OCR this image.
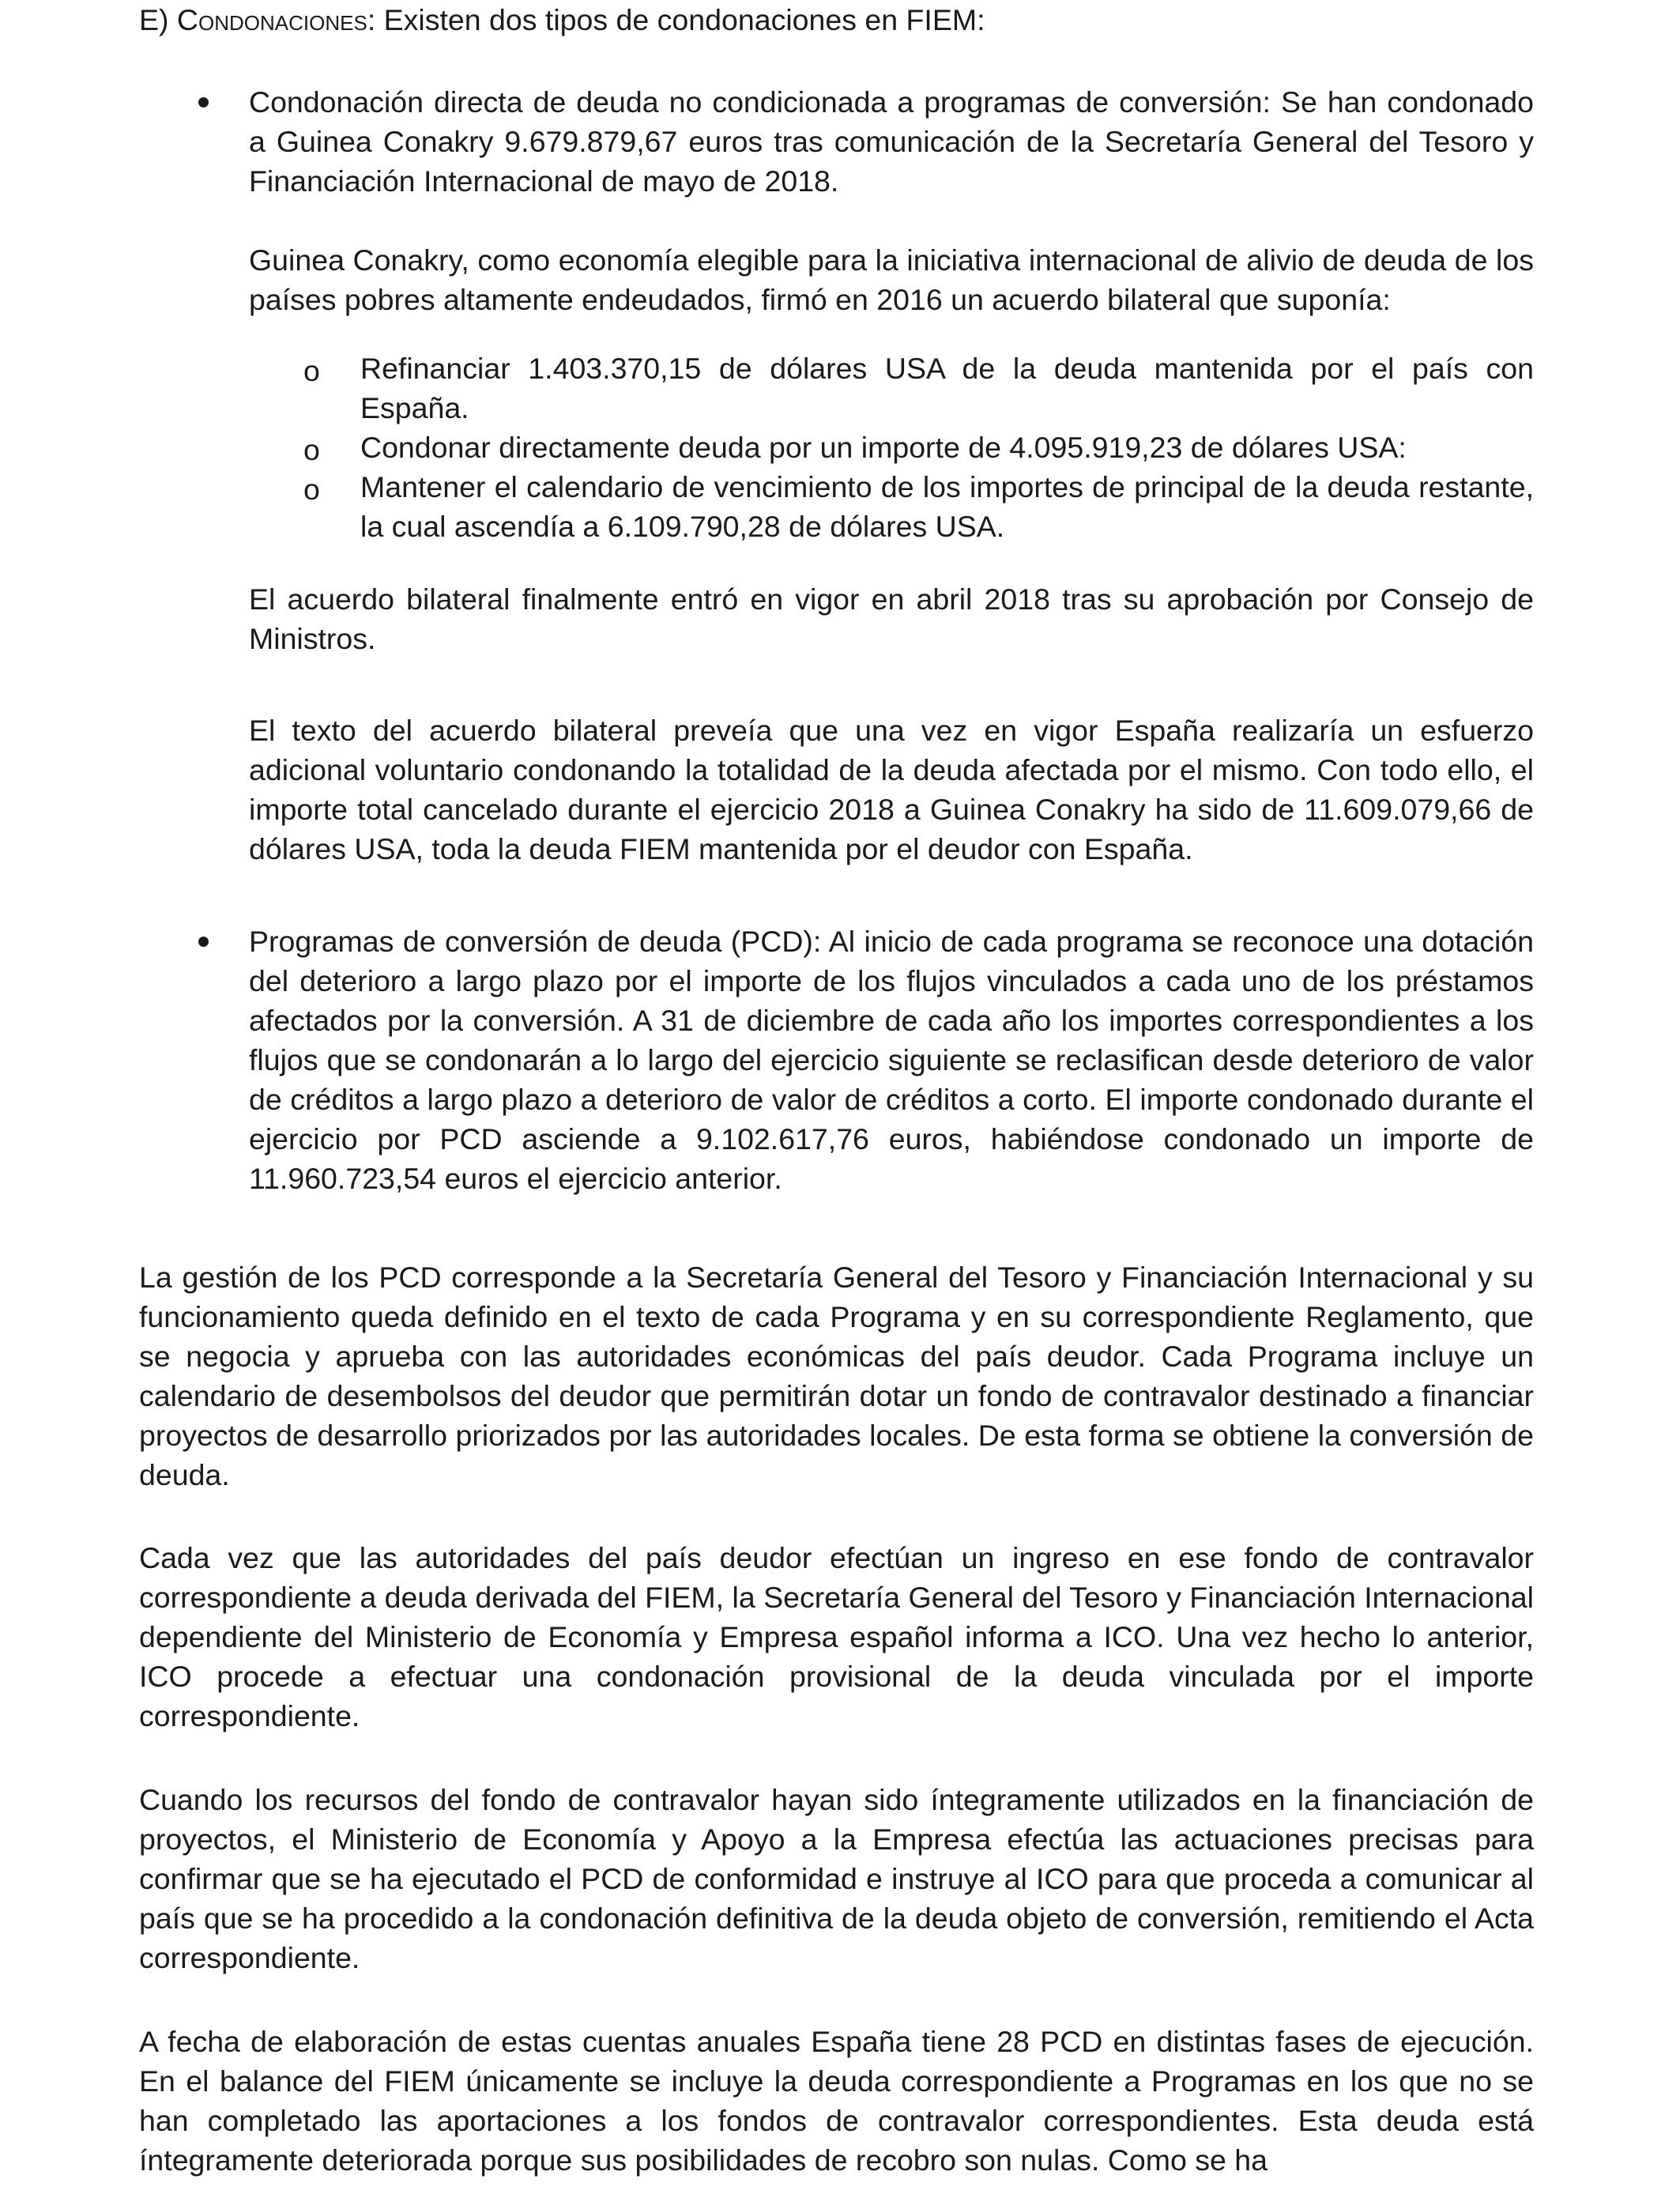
E) Condonaciones: Existen dos tipos de condonaciones en FIEM:
Condonación directa de deuda no condicionada a programas de conversión: Se han condonado a Guinea Conakry 9.679.879,67 euros tras comunicación de la Secretaría General del Tesoro y Financiación Internacional de mayo de 2018.
Guinea Conakry, como economía elegible para la iniciativa internacional de alivio de deuda de los países pobres altamente endeudados, firmó en 2016 un acuerdo bilateral que suponía:
o Refinanciar 1.403.370,15 de dólares USA de la deuda mantenida por el país con España.
o Condonar directamente deuda por un importe de 4.095.919,23 de dólares USA:
o Mantener el calendario de vencimiento de los importes de principal de la deuda restante, la cual ascendía a 6.109.790,28 de dólares USA.
El acuerdo bilateral finalmente entró en vigor en abril 2018 tras su aprobación por Consejo de Ministros.
El texto del acuerdo bilateral preveía que una vez en vigor España realizaría un esfuerzo adicional voluntario condonando la totalidad de la deuda afectada por el mismo. Con todo ello, el importe total cancelado durante el ejercicio 2018 a Guinea Conakry ha sido de 11.609.079,66 de dólares USA, toda la deuda FIEM mantenida por el deudor con España.
Programas de conversión de deuda (PCD): Al inicio de cada programa se reconoce una dotación del deterioro a largo plazo por el importe de los flujos vinculados a cada uno de los préstamos afectados por la conversión. A 31 de diciembre de cada año los importes correspondientes a los flujos que se condonarán a lo largo del ejercicio siguiente se reclasifican desde deterioro de valor de créditos a largo plazo a deterioro de valor de créditos a corto. El importe condonado durante el ejercicio por PCD asciende a 9.102.617,76 euros, habiéndose condonado un importe de 11.960.723,54 euros el ejercicio anterior.
La gestión de los PCD corresponde a la Secretaría General del Tesoro y Financiación Internacional y su funcionamiento queda definido en el texto de cada Programa y en su correspondiente Reglamento, que se negocia y aprueba con las autoridades económicas del país deudor. Cada Programa incluye un calendario de desembolsos del deudor que permitirán dotar un fondo de contravalor destinado a financiar proyectos de desarrollo priorizados por las autoridades locales. De esta forma se obtiene la conversión de deuda.
Cada vez que las autoridades del país deudor efectúan un ingreso en ese fondo de contravalor correspondiente a deuda derivada del FIEM, la Secretaría General del Tesoro y Financiación Internacional dependiente del Ministerio de Economía y Empresa español informa a ICO. Una vez hecho lo anterior, ICO procede a efectuar una condonación provisional de la deuda vinculada por el importe correspondiente.
Cuando los recursos del fondo de contravalor hayan sido íntegramente utilizados en la financiación de proyectos, el Ministerio de Economía y Apoyo a la Empresa efectúa las actuaciones precisas para confirmar que se ha ejecutado el PCD de conformidad e instruye al ICO para que proceda a comunicar al país que se ha procedido a la condonación definitiva de la deuda objeto de conversión, remitiendo el Acta correspondiente.
A fecha de elaboración de estas cuentas anuales España tiene 28 PCD en distintas fases de ejecución. En el balance del FIEM únicamente se incluye la deuda correspondiente a Programas en los que no se han completado las aportaciones a los fondos de contravalor correspondientes. Esta deuda está íntegramente deteriorada porque sus posibilidades de recobro son nulas. Como se ha
